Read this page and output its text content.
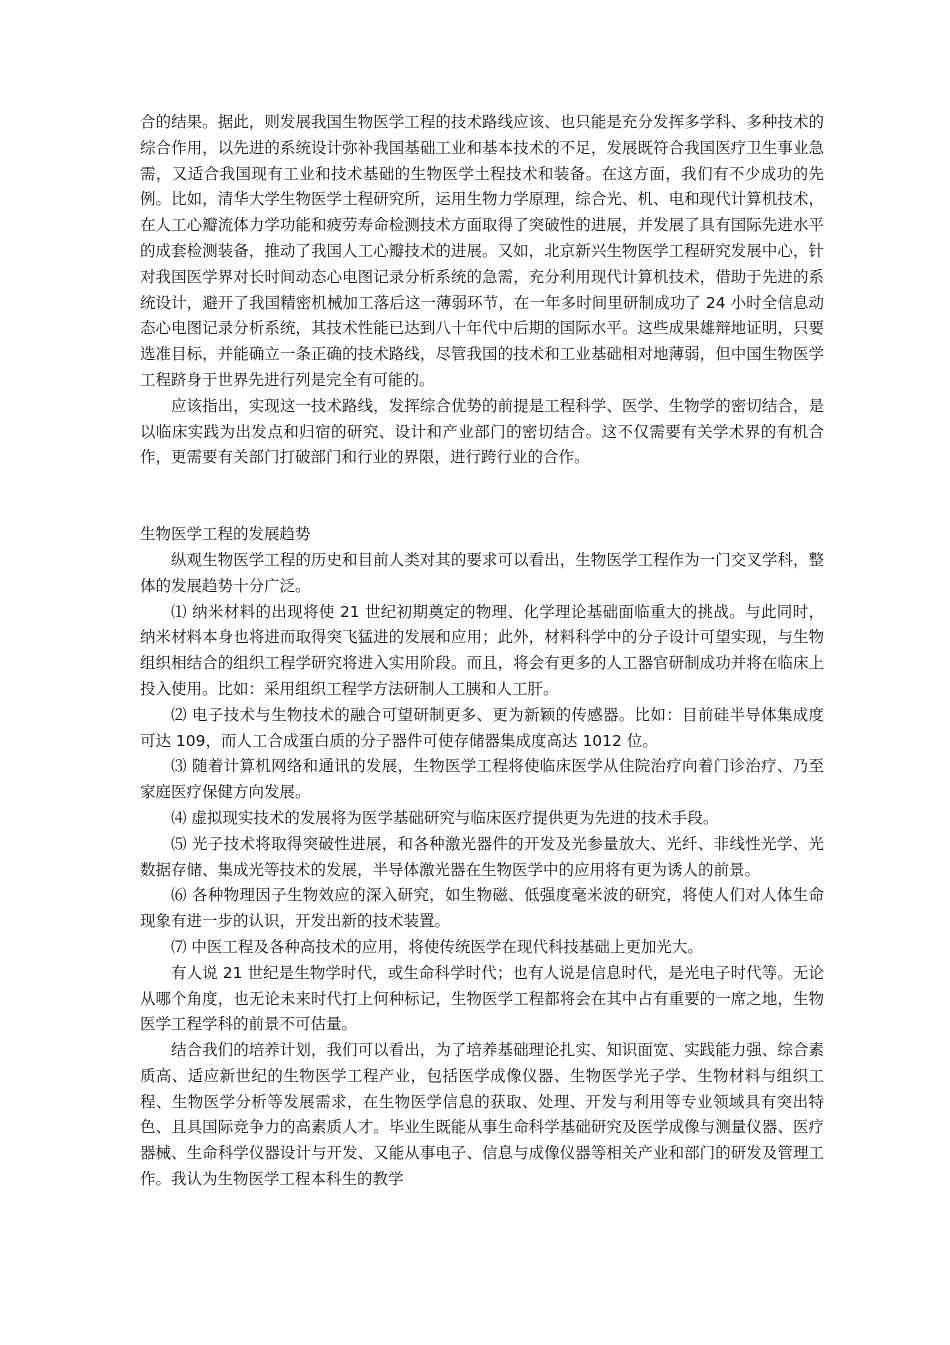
合的结果。据此，则发展我国生物医学工程的技术路线应该、也只能是充分发挥多学科、多种技术的综合作用，以先进的系统设计弥补我国基础工业和基本技术的不足，发展既符合我国医疗卫生事业急需，又适合我国现有工业和技术基础的生物医学土程技术和装备。在这方面，我们有不少成功的先例。比如，清华大学生物医学土程研究所，运用生物力学原理，综合光、机、电和现代计算机技术，在人工心瓣流体力学功能和疲劳寿命检测技术方面取得了突破性的进展，并发展了具有国际先进水平的成套检测装备，推动了我国人工心瓣技术的进展。又如，北京新兴生物医学工程研究发展中心，针对我国医学界对长时间动态心电图记录分析系统的急需，充分利用现代计算机技术，借助于先进的系统设计，避开了我国精密机械加工落后这一薄弱环节，在一年多时间里研制成功了 24 小时全信息动态心电图记录分析系统，其技术性能已达到八十年代中后期的国际水平。这些成果雄辩地证明，只要选准目标，并能确立一条正确的技术路线，尽管我国的技术和工业基础相对地薄弱，但中国生物医学工程跻身于世界先进行列是完全有可能的。

应该指出，实现这一技术路线，发挥综合优势的前提是工程科学、医学、生物学的密切结合，是以临床实践为出发点和归宿的研究、设计和产业部门的密切结合。这不仅需要有关学术界的有机合作，更需要有关部门打破部门和行业的界限，进行跨行业的合作。

生物医学工程的发展趋势

纵观生物医学工程的历史和目前人类对其的要求可以看出，生物医学工程作为一门交叉学科，整体的发展趋势十分广泛。

⑴ 纳米材料的出现将使 21 世纪初期奠定的物理、化学理论基础面临重大的挑战。与此同时，纳米材料本身也将进而取得突飞猛进的发展和应用；此外，材料科学中的分子设计可望实现，与生物组织相结合的组织工程学研究将进入实用阶段。而且，将会有更多的人工器官研制成功并将在临床上投入使用。比如：采用组织工程学方法研制人工胰和人工肝。

⑵ 电子技术与生物技术的融合可望研制更多、更为新颖的传感器。比如：目前硅半导体集成度可达 109，而人工合成蛋白质的分子器件可使存储器集成度高达 1012 位。

⑶ 随着计算机网络和通讯的发展，生物医学工程将使临床医学从住院治疗向着门诊治疗、乃至家庭医疗保健方向发展。

⑷ 虚拟现实技术的发展将为医学基础研究与临床医疗提供更为先进的技术手段。

⑸ 光子技术将取得突破性进展，和各种激光器件的开发及光参量放大、光纤、非线性光学、光数据存储、集成光等技术的发展，半导体激光器在生物医学中的应用将有更为诱人的前景。

⑹ 各种物理因子生物效应的深入研究，如生物磁、低强度毫米波的研究，将使人们对人体生命现象有进一步的认识，开发出新的技术装置。

⑺ 中医工程及各种高技术的应用，将使传统医学在现代科技基础上更加光大。

有人说 21 世纪是生物学时代，或生命科学时代；也有人说是信息时代，是光电子时代等。无论从哪个角度，也无论未来时代打上何种标记，生物医学工程都将会在其中占有重要的一席之地，生物医学工程学科的前景不可估量。

结合我们的培养计划，我们可以看出，为了培养基础理论扎实、知识面宽、实践能力强、综合素质高、适应新世纪的生物医学工程产业，包括医学成像仪器、生物医学光子学、生物材料与组织工程、生物医学分析等发展需求，在生物医学信息的获取、处理、开发与利用等专业领域具有突出特色、且具国际竞争力的高素质人才。毕业生既能从事生命科学基础研究及医学成像与测量仪器、医疗器械、生命科学仪器设计与开发、又能从事电子、信息与成像仪器等相关产业和部门的研发及管理工作。我认为生物医学工程本科生的教学
